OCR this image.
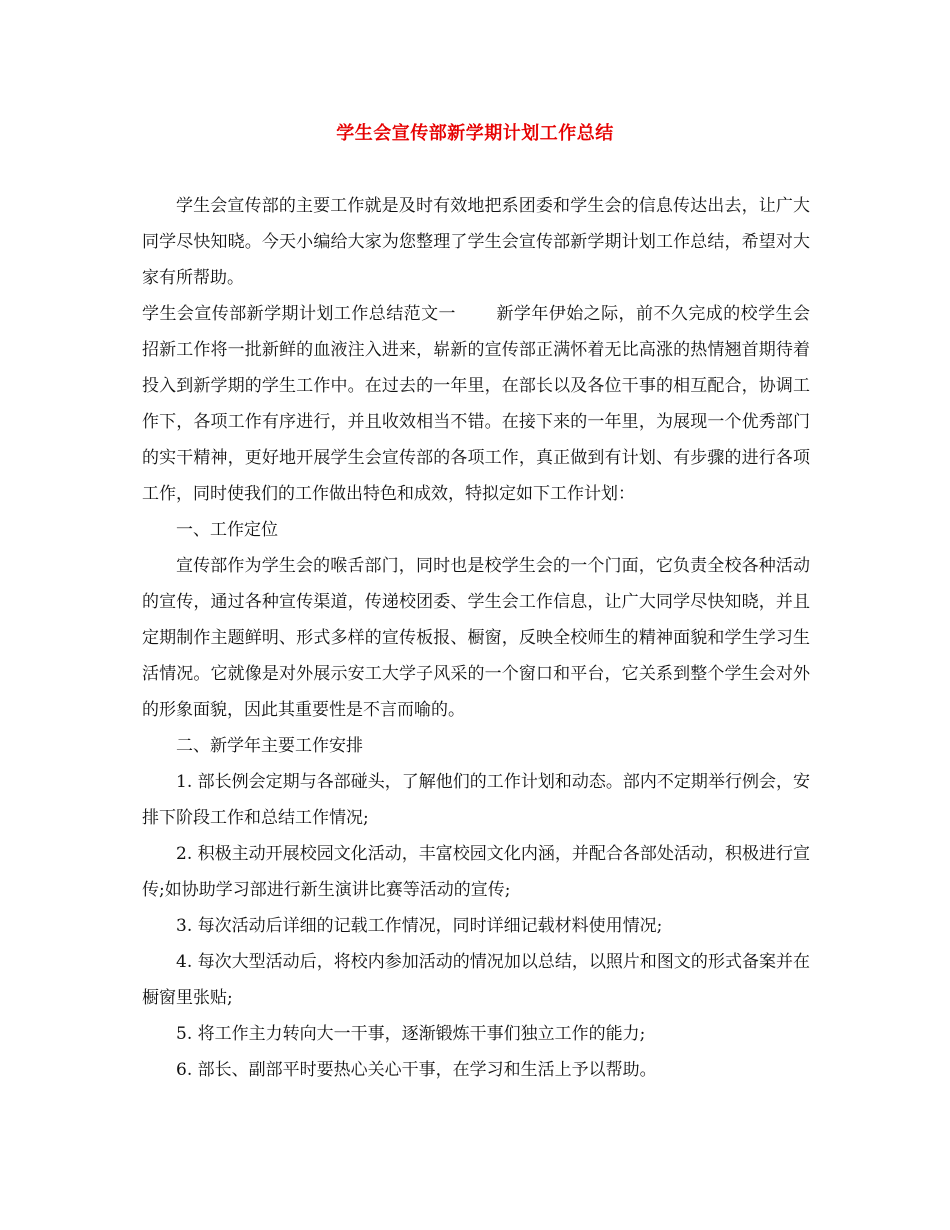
学生会宣传部新学期计划工作总结

学生会宣传部的主要工作就是及时有效地把系团委和学生会的信息传达出去，让广大同学尽快知晓。今天小编给大家为您整理了学生会宣传部新学期计划工作总结，希望对大家有所帮助。

学生会宣传部新学期计划工作总结范文一 新学年伊始之际，前不久完成的校学生会招新工作将一批新鲜的血液注入进来，崭新的宣传部正满怀着无比高涨的热情翘首期待着投入到新学期的学生工作中。在过去的一年里，在部长以及各位干事的相互配合，协调工作下，各项工作有序进行，并且收效相当不错。在接下来的一年里，为展现一个优秀部门的实干精神，更好地开展学生会宣传部的各项工作，真正做到有计划、有步骤的进行各项工作，同时使我们的工作做出特色和成效，特拟定如下工作计划：

一、工作定位

宣传部作为学生会的喉舌部门，同时也是校学生会的一个门面，它负责全校各种活动的宣传，通过各种宣传渠道，传递校团委、学生会工作信息，让广大同学尽快知晓，并且定期制作主题鲜明、形式多样的宣传板报、橱窗，反映全校师生的精神面貌和学生学习生活情况。它就像是对外展示安工大学子风采的一个窗口和平台，它关系到整个学生会对外的形象面貌，因此其重要性是不言而喻的。

二、新学年主要工作安排

1. 部长例会定期与各部碰头，了解他们的工作计划和动态。部内不定期举行例会，安排下阶段工作和总结工作情况;

2. 积极主动开展校园文化活动，丰富校园文化内涵，并配合各部处活动，积极进行宣传;如协助学习部进行新生演讲比赛等活动的宣传;

3. 每次活动后详细的记载工作情况，同时详细记载材料使用情况;

4. 每次大型活动后，将校内参加活动的情况加以总结，以照片和图文的形式备案并在橱窗里张贴;

5. 将工作主力转向大一干事，逐渐锻炼干事们独立工作的能力;

6. 部长、副部平时要热心关心干事，在学习和生活上予以帮助。
